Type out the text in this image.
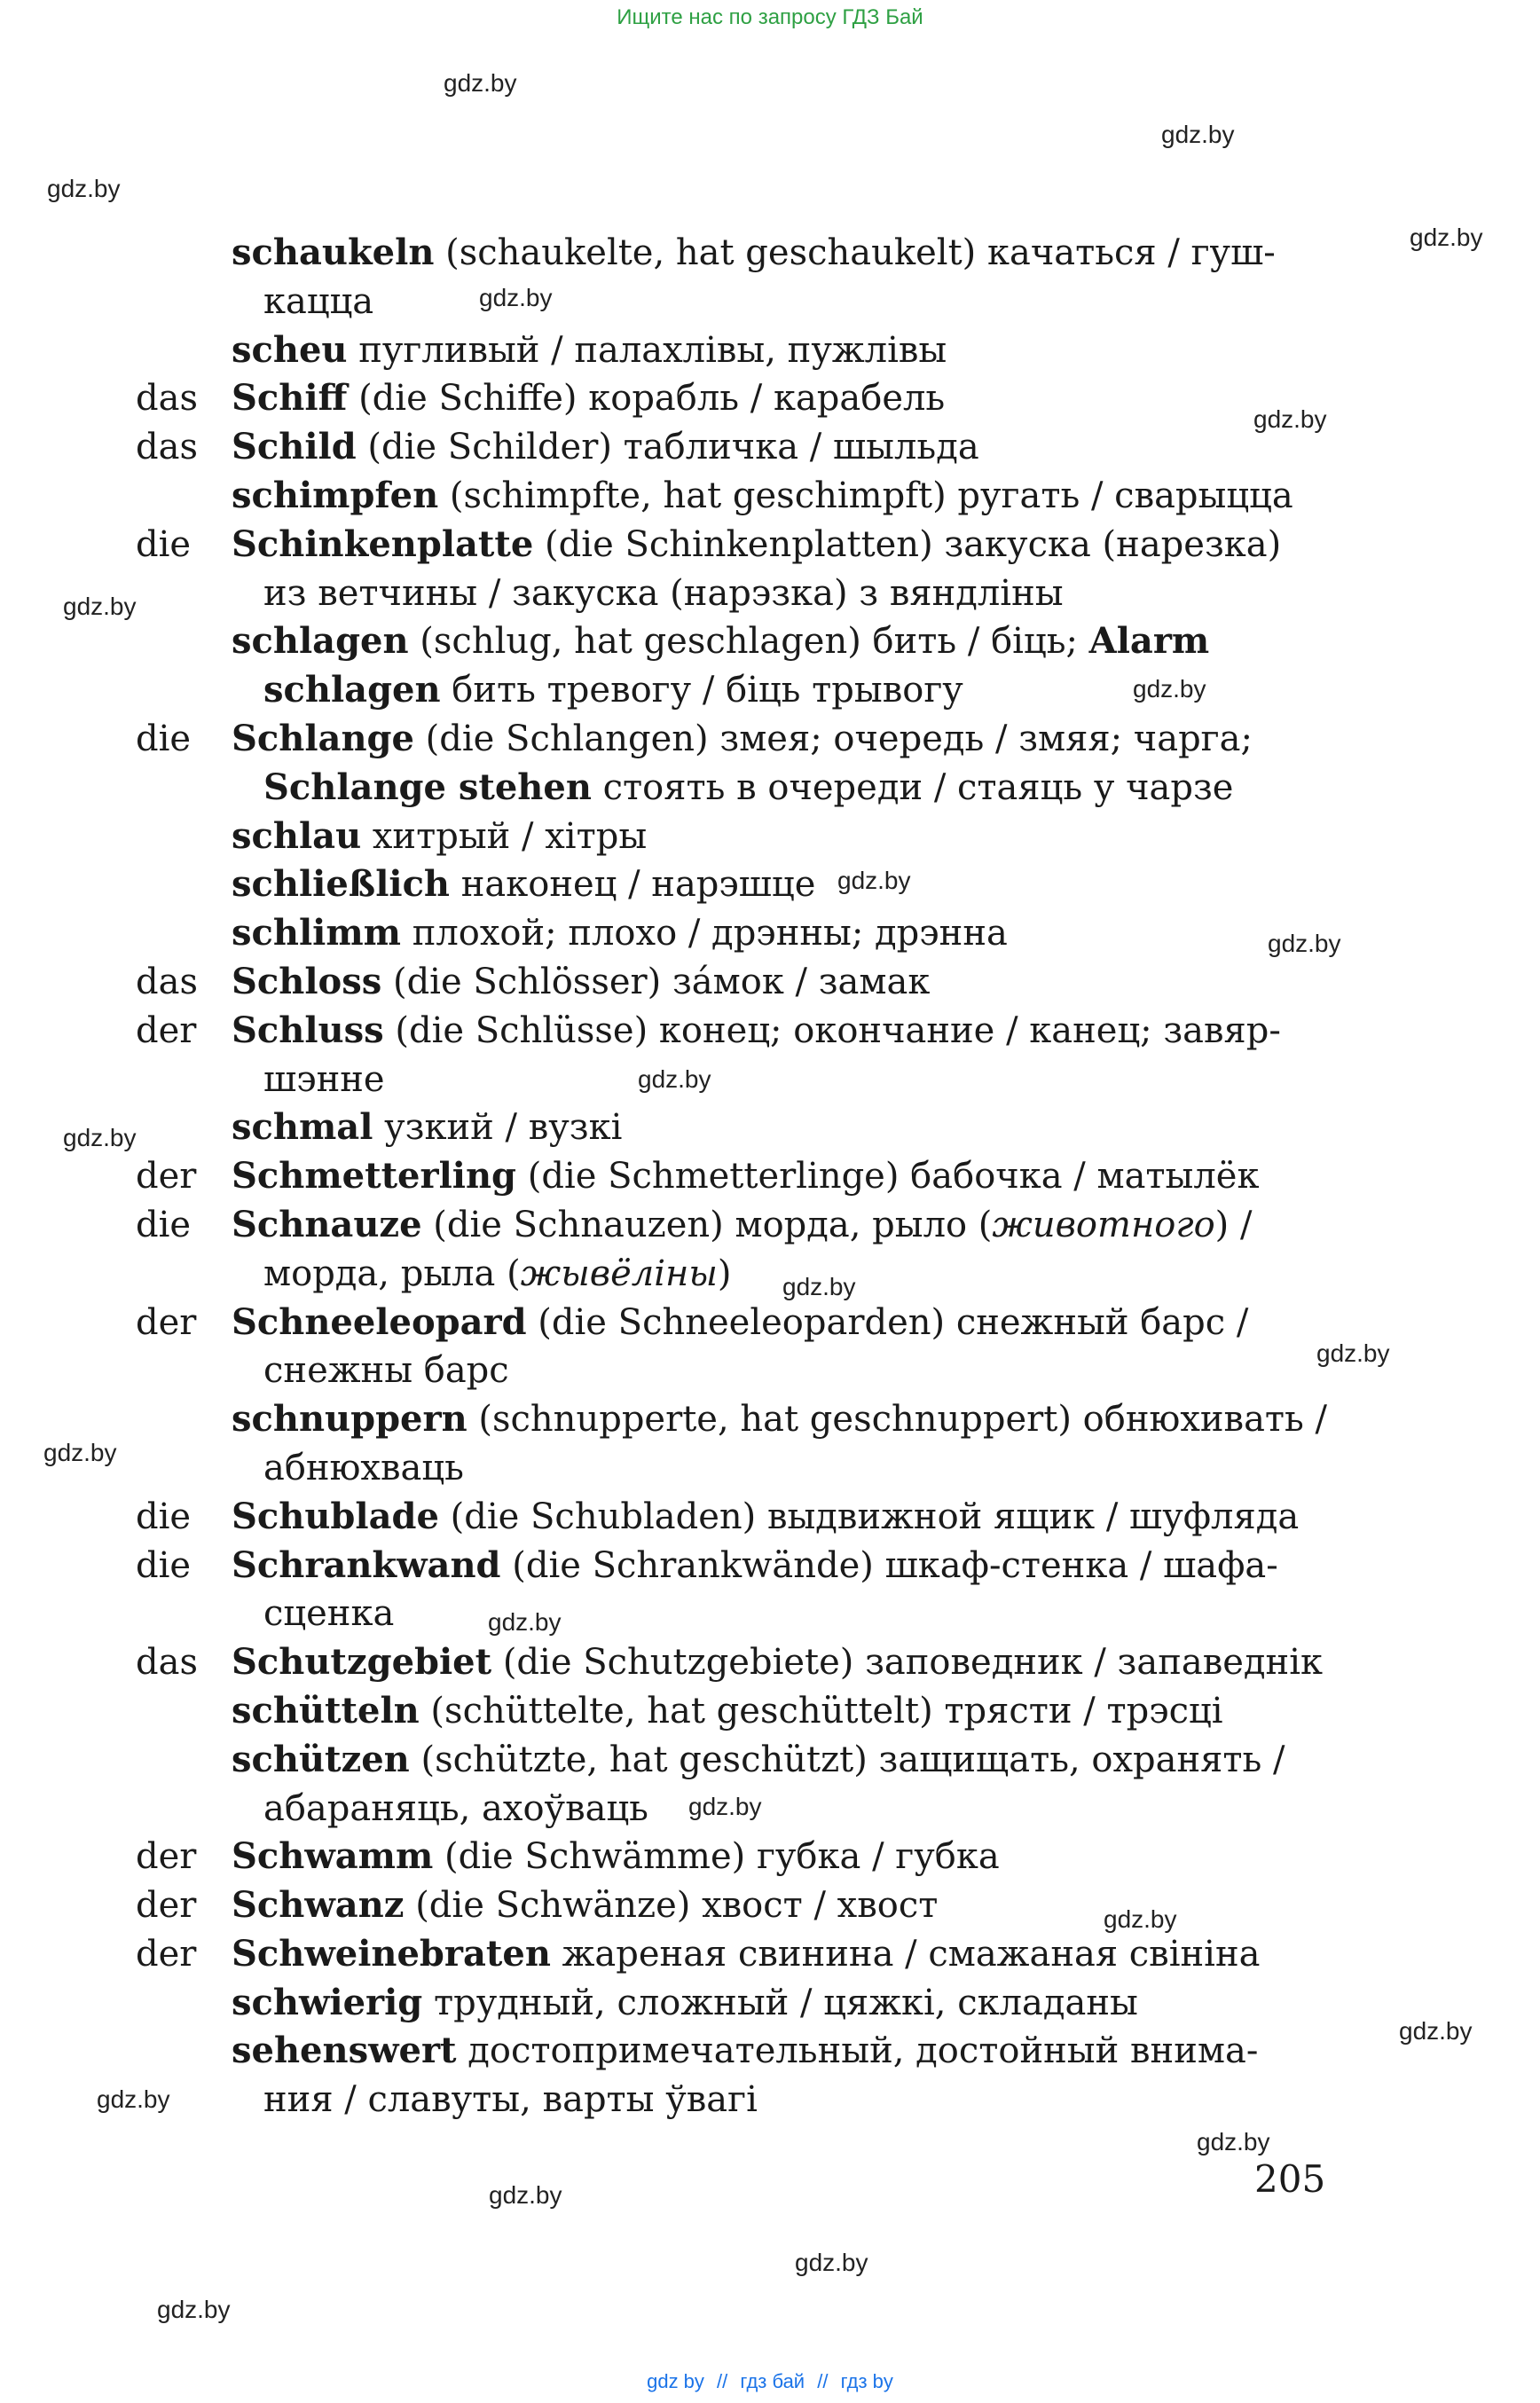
Ищите нас по запросу ГДЗ Бай
gdz.by
gdz.by
gdz.by
gdz.by
gdz.by
gdz.by
gdz.by
gdz.by
gdz.by
gdz.by
gdz.by
gdz.by
gdz.by
gdz.by
gdz.by
gdz.by
gdz.by
gdz.by
gdz.by
gdz.by
gdz.by
gdz.by
gdz.by
gdz.by
schaukeln (schaukelte, hat geschaukelt) качаться / гуш-
кацца
scheu пугливый / палахлівы, пужлівы
das Schiff (die Schiffe) корабль / карабель
das Schild (die Schilder) табличка / шыльда
schimpfen (schimpfte, hat geschimpft) ругать / сварыцца
die Schinkenplatte (die Schinkenplatten) закуска (нарезка)
из ветчины / закуска (нарэзка) з вяндліны
schlagen (schlug, hat geschlagen) бить / біць; Alarm
schlagen бить тревогу / біць трывогу
die Schlange (die Schlangen) змея; очередь / змяя; чарга;
Schlange stehen стоять в очереди / стаяць у чарзе
schlau хитрый / хітры
schließlich наконец / нарэшце
schlimm плохой; плохо / дрэнны; дрэнна
das Schloss (die Schlösser) за́мок / замак
der Schluss (die Schlüsse) конец; окончание / канец; завяр-
шэнне
schmal узкий / вузкі
der Schmetterling (die Schmetterlinge) бабочка / матылёк
die Schnauze (die Schnauzen) морда, рыло (животного) /
морда, рыла (жывёліны)
der Schneeleopard (die Schneeleoparden) снежный барс /
снежны барс
schnuppern (schnupperte, hat geschnuppert) обнюхивать /
абнюхваць
die Schublade (die Schubladen) выдвижной ящик / шуфляда
die Schrankwand (die Schrankwände) шкаф-стенка / шафа-
сценка
das Schutzgebiet (die Schutzgebiete) заповедник / запаведнік
schütteln (schüttelte, hat geschüttelt) трясти / трэсці
schützen (schützte, hat geschützt) защищать, охранять /
абараняць, ахоўваць
der Schwamm (die Schwämme) губка / губка
der Schwanz (die Schwänze) хвост / хвост
der Schweinebraten жареная свинина / смажаная свініна
schwierig трудный, сложный / цяжкі, складаны
sehenswert достопримечательный, достойный внима-
ния / славуты, варты ўвагі
205
gdz by // гдз бай // гдз by
